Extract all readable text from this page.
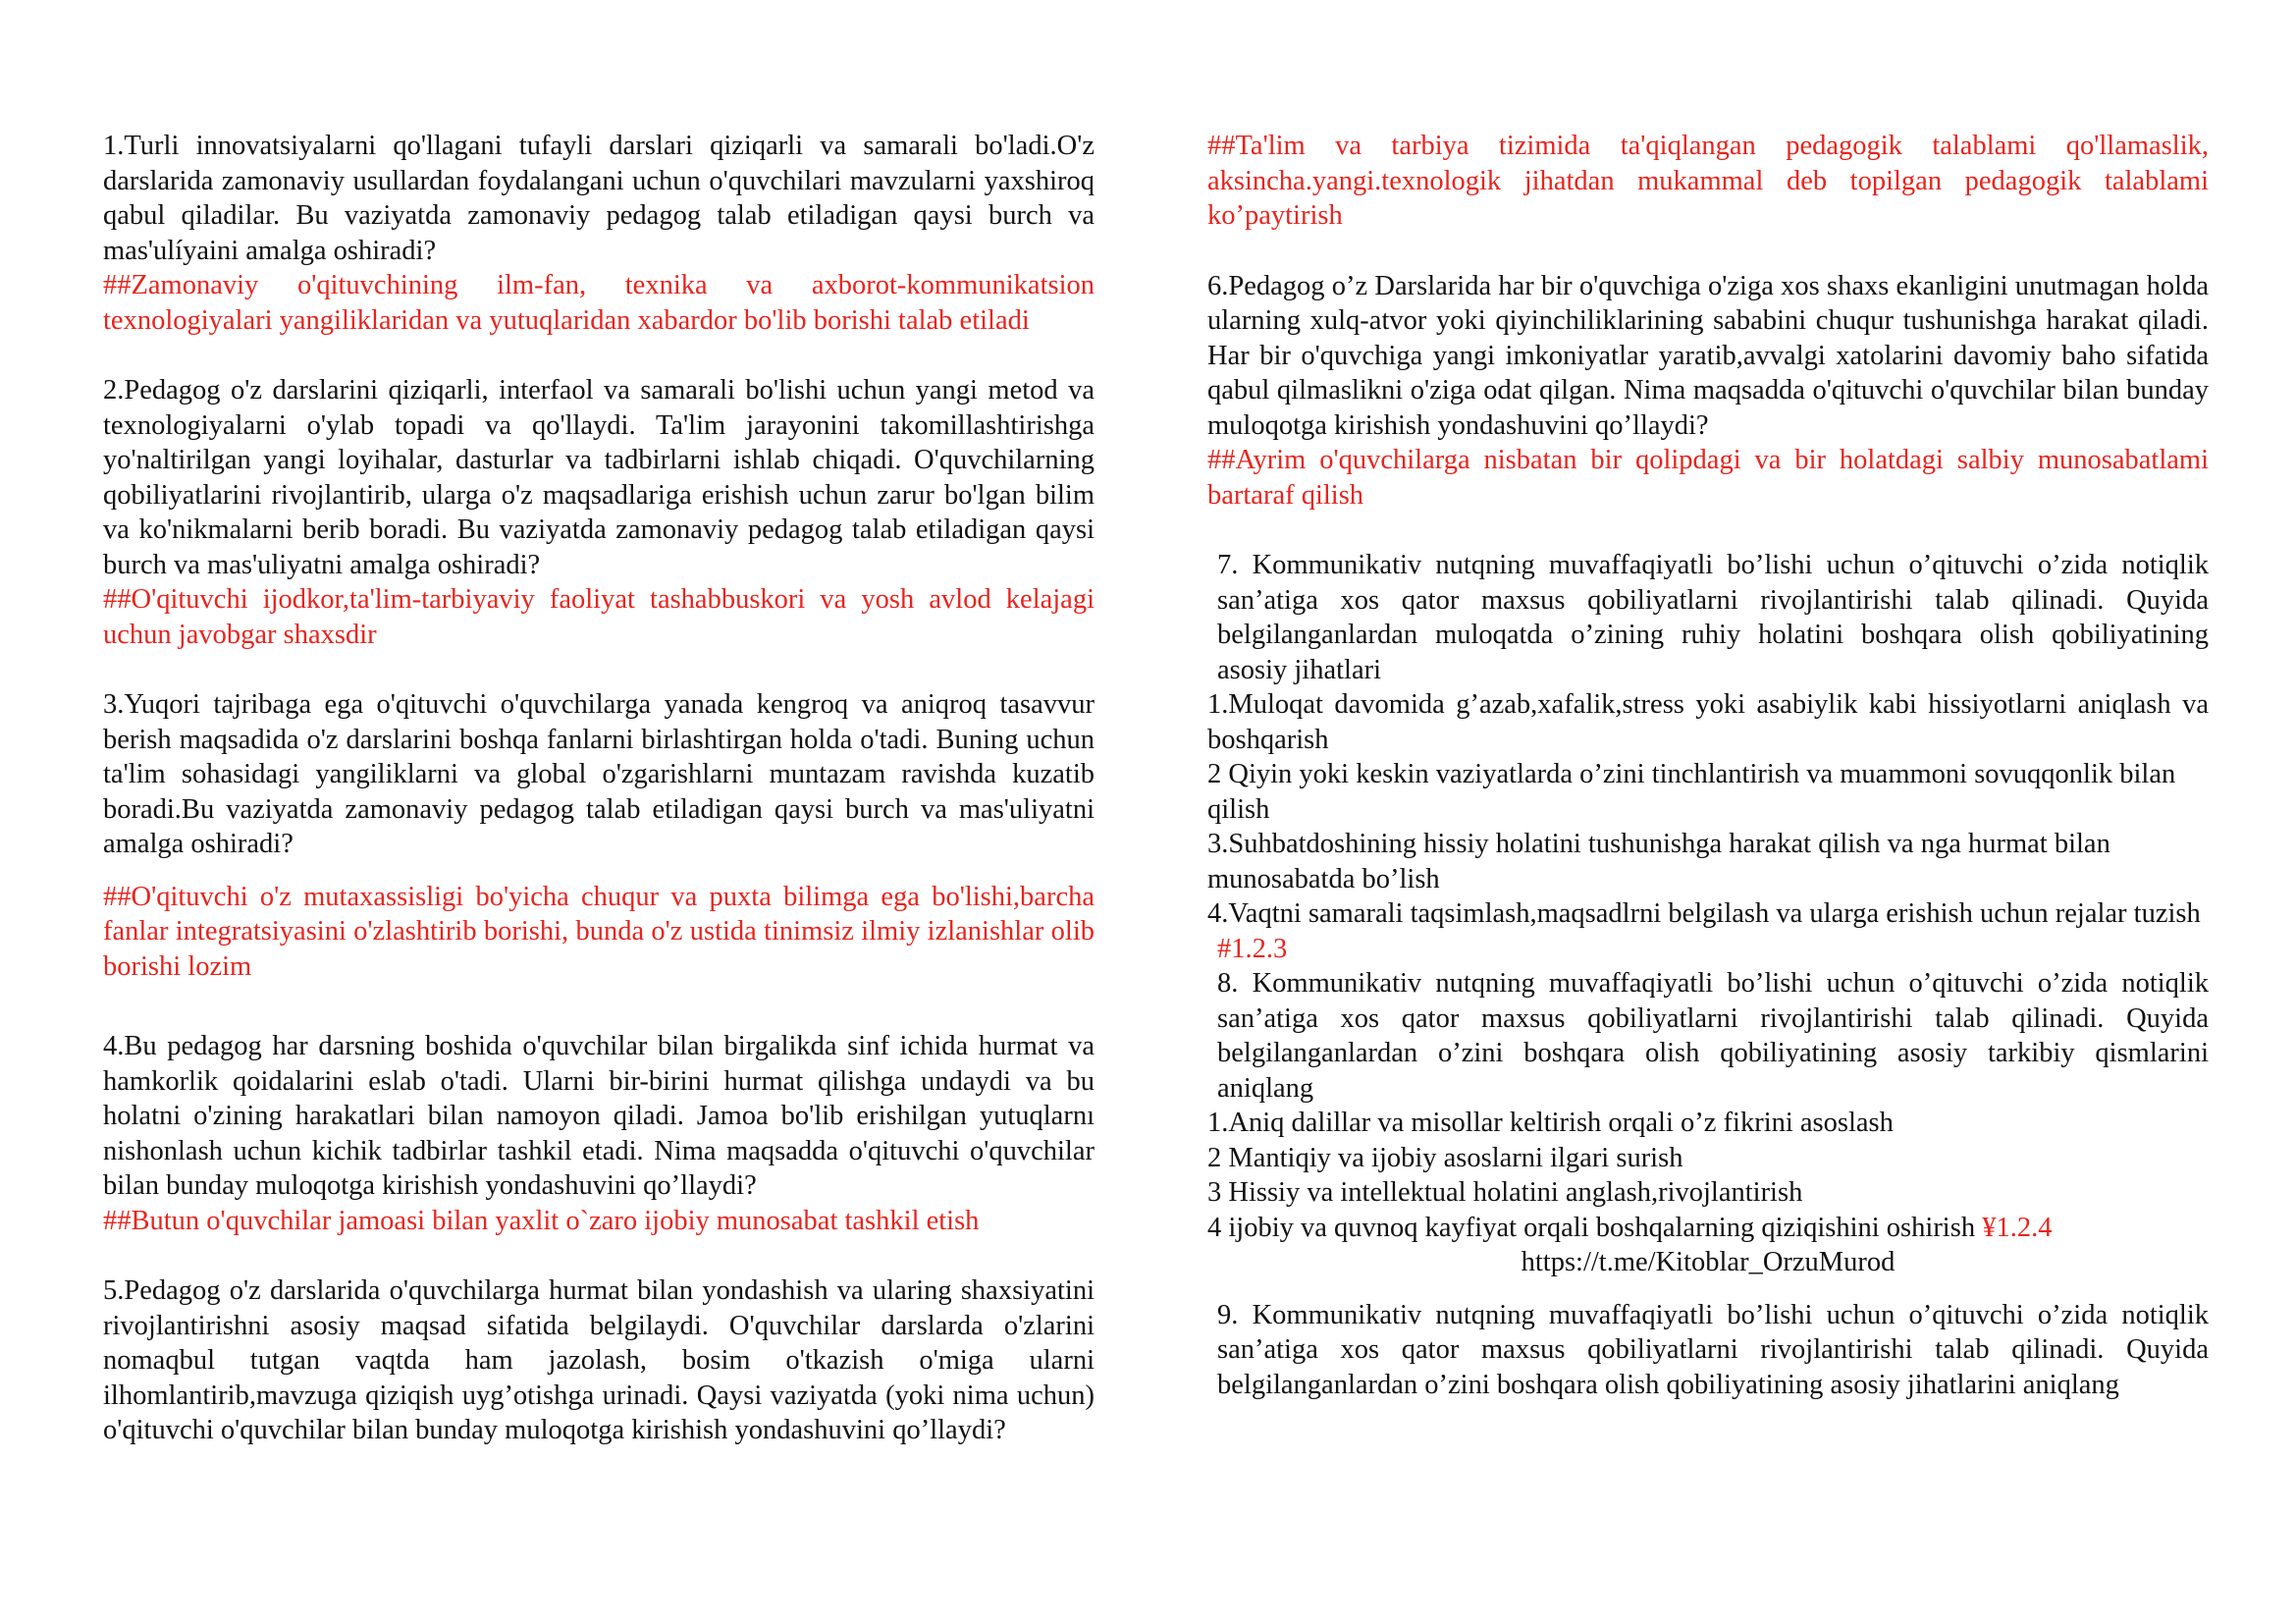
1.Turli innovatsiyalarni qo'llagani tufayli darslari qiziqarli va samarali bo'ladi.O'z darslarida zamonaviy usullardan foydalangani uchun o'quvchilari mavzularni yaxshiroq qabul qiladilar. Bu vaziyatda zamonaviy pedagog talab etiladigan qaysi burch va mas'ulíyaini amalga oshiradi?

##Zamonaviy o'qituvchining ilm-fan, texnika va axborot-kommunikatsion texnologiyalari yangiliklaridan va yutuqlaridan xabardor bo'lib borishi talab etiladi

2.Pedagog o'z darslarini qiziqarli, interfaol va samarali bo'lishi uchun yangi metod va texnologiyalarni o'ylab topadi va qo'llaydi. Ta'lim jarayonini takomillashtirishga yo'naltirilgan yangi loyihalar, dasturlar va tadbirlarni ishlab chiqadi. O'quvchilarning qobiliyatlarini rivojlantirib, ularga o'z maqsadlariga erishish uchun zarur bo'lgan bilim va ko'nikmalarni berib boradi. Bu vaziyatda zamonaviy pedagog talab etiladigan qaysi burch va mas'uliyatni amalga oshiradi?

##O'qituvchi ijodkor,ta'lim-tarbiyaviy faoliyat tashabbuskori va yosh avlod kelajagi uchun javobgar shaxsdir

3.Yuqori tajribaga ega o'qituvchi o'quvchilarga yanada kengroq va aniqroq tasavvur berish maqsadida o'z darslarini boshqa fanlarni birlashtirgan holda o'tadi. Buning uchun ta'lim sohasidagi yangiliklarni va global o'zgarishlarni muntazam ravishda kuzatib boradi.Bu vaziyatda zamonaviy pedagog talab etiladigan qaysi burch va mas'uliyatni amalga oshiradi?

##O'qituvchi o'z mutaxassisligi bo'yicha chuqur va puxta bilimga ega bo'lishi,barcha fanlar integratsiyasini o'zlashtirib borishi, bunda o'z ustida tinimsiz ilmiy izlanishlar olib borishi lozim

4.Bu pedagog har darsning boshida o'quvchilar bilan birgalikda sinf ichida hurmat va hamkorlik qoidalarini eslab o'tadi. Ularni bir-birini hurmat qilishga undaydi va bu holatni o'zining harakatlari bilan namoyon qiladi. Jamoa bo'lib erishilgan yutuqlarnı nishonlash uchun kichik tadbirlar tashkil etadi. Nima maqsadda o'qituvchi o'quvchilar bilan bunday muloqotga kirishish yondashuvini qo’llaydi?

##Butun o'quvchilar jamoasi bilan yaxlit o`zaro ijobiy munosabat tashkil etish

5.Pedagog o'z darslarida o'quvchilarga hurmat bilan yondashish va ularing shaxsiyatini rivojlantirishni asosiy maqsad sifatida belgilaydi. O'quvchilar darslarda o'zlarini nomaqbul tutgan vaqtda ham jazolash, bosim o'tkazish o'miga ularni ilhomlantirib,mavzuga qiziqish uyg’otishga urinadi. Qaysi vaziyatda (yoki nima uchun) o'qituvchi o'quvchilar bilan bunday muloqotga kirishish yondashuvini qo’llaydi?

##Ta'lim va tarbiya tizimida ta'qiqlangan pedagogik talablami qo'llamaslik, aksincha.yangi.texnologik jihatdan mukammal deb topilgan pedagogik talablami ko’paytirish

6.Pedagog o’z Darslarida har bir o'quvchiga o'ziga xos shaxs ekanligini unutmagan holda ularning xulq-atvor yoki qiyinchiliklarining sababini chuqur tushunishga harakat qiladi. Har bir o'quvchiga yangi imkoniyatlar yaratib,avvalgi xatolarini davomiy baho sifatida qabul qilmaslikni o'ziga odat qilgan. Nima maqsadda o'qituvchi o'quvchilar bilan bunday muloqotga kirishish yondashuvini qo’llaydi?

##Ayrim o'quvchilarga nisbatan bir qolipdagi va bir holatdagi salbiy munosabatlami bartaraf qilish

7. Kommunikativ nutqning muvaffaqiyatli bo’lishi uchun o’qituvchi o’zida notiqlik san’atiga xos qator maxsus qobiliyatlarni rivojlantirishi talab qilinadi. Quyida belgilanganlardan muloqatda o’zining ruhiy holatini boshqara olish qobiliyatining asosiy jihatlari

1.Muloqat davomida g’azab,xafalik,stress yoki asabiylik kabi hissiyotlarni aniqlash va boshqarish

2 Qiyin yoki keskin vaziyatlarda o’zini tinchlantirish va muammoni sovuqqonlik bilan qilish

3.Suhbatdoshining hissiy holatini tushunishga harakat qilish va nga hurmat bilan munosabatda bo’lish

4.Vaqtni samarali taqsimlash,maqsadlrni belgilash va ularga erishish uchun rejalar tuzish

#1.2.3

8. Kommunikativ nutqning muvaffaqiyatli bo’lishi uchun o’qituvchi o’zida notiqlik san’atiga xos qator maxsus qobiliyatlarni rivojlantirishi talab qilinadi. Quyida belgilanganlardan o’zini boshqara olish qobiliyatining asosiy tarkibiy qismlarini aniqlang

1.Aniq dalillar va misollar keltirish orqali o’z fikrini asoslash

2 Mantiqiy va ijobiy asoslarni ilgari surish

3 Hissiy va intellektual holatini anglash,rivojlantirish

4 ijobiy va quvnoq kayfiyat orqali boshqalarning qiziqishini oshirish ¥1.2.4

https://t.me/Kitoblar_OrzuMurod

9. Kommunikativ nutqning muvaffaqiyatli bo’lishi uchun o’qituvchi o’zida notiqlik san’atiga xos qator maxsus qobiliyatlarni rivojlantirishi talab qilinadi. Quyida belgilanganlardan o’zini boshqara olish qobiliyatining asosiy jihatlarini aniqlang
